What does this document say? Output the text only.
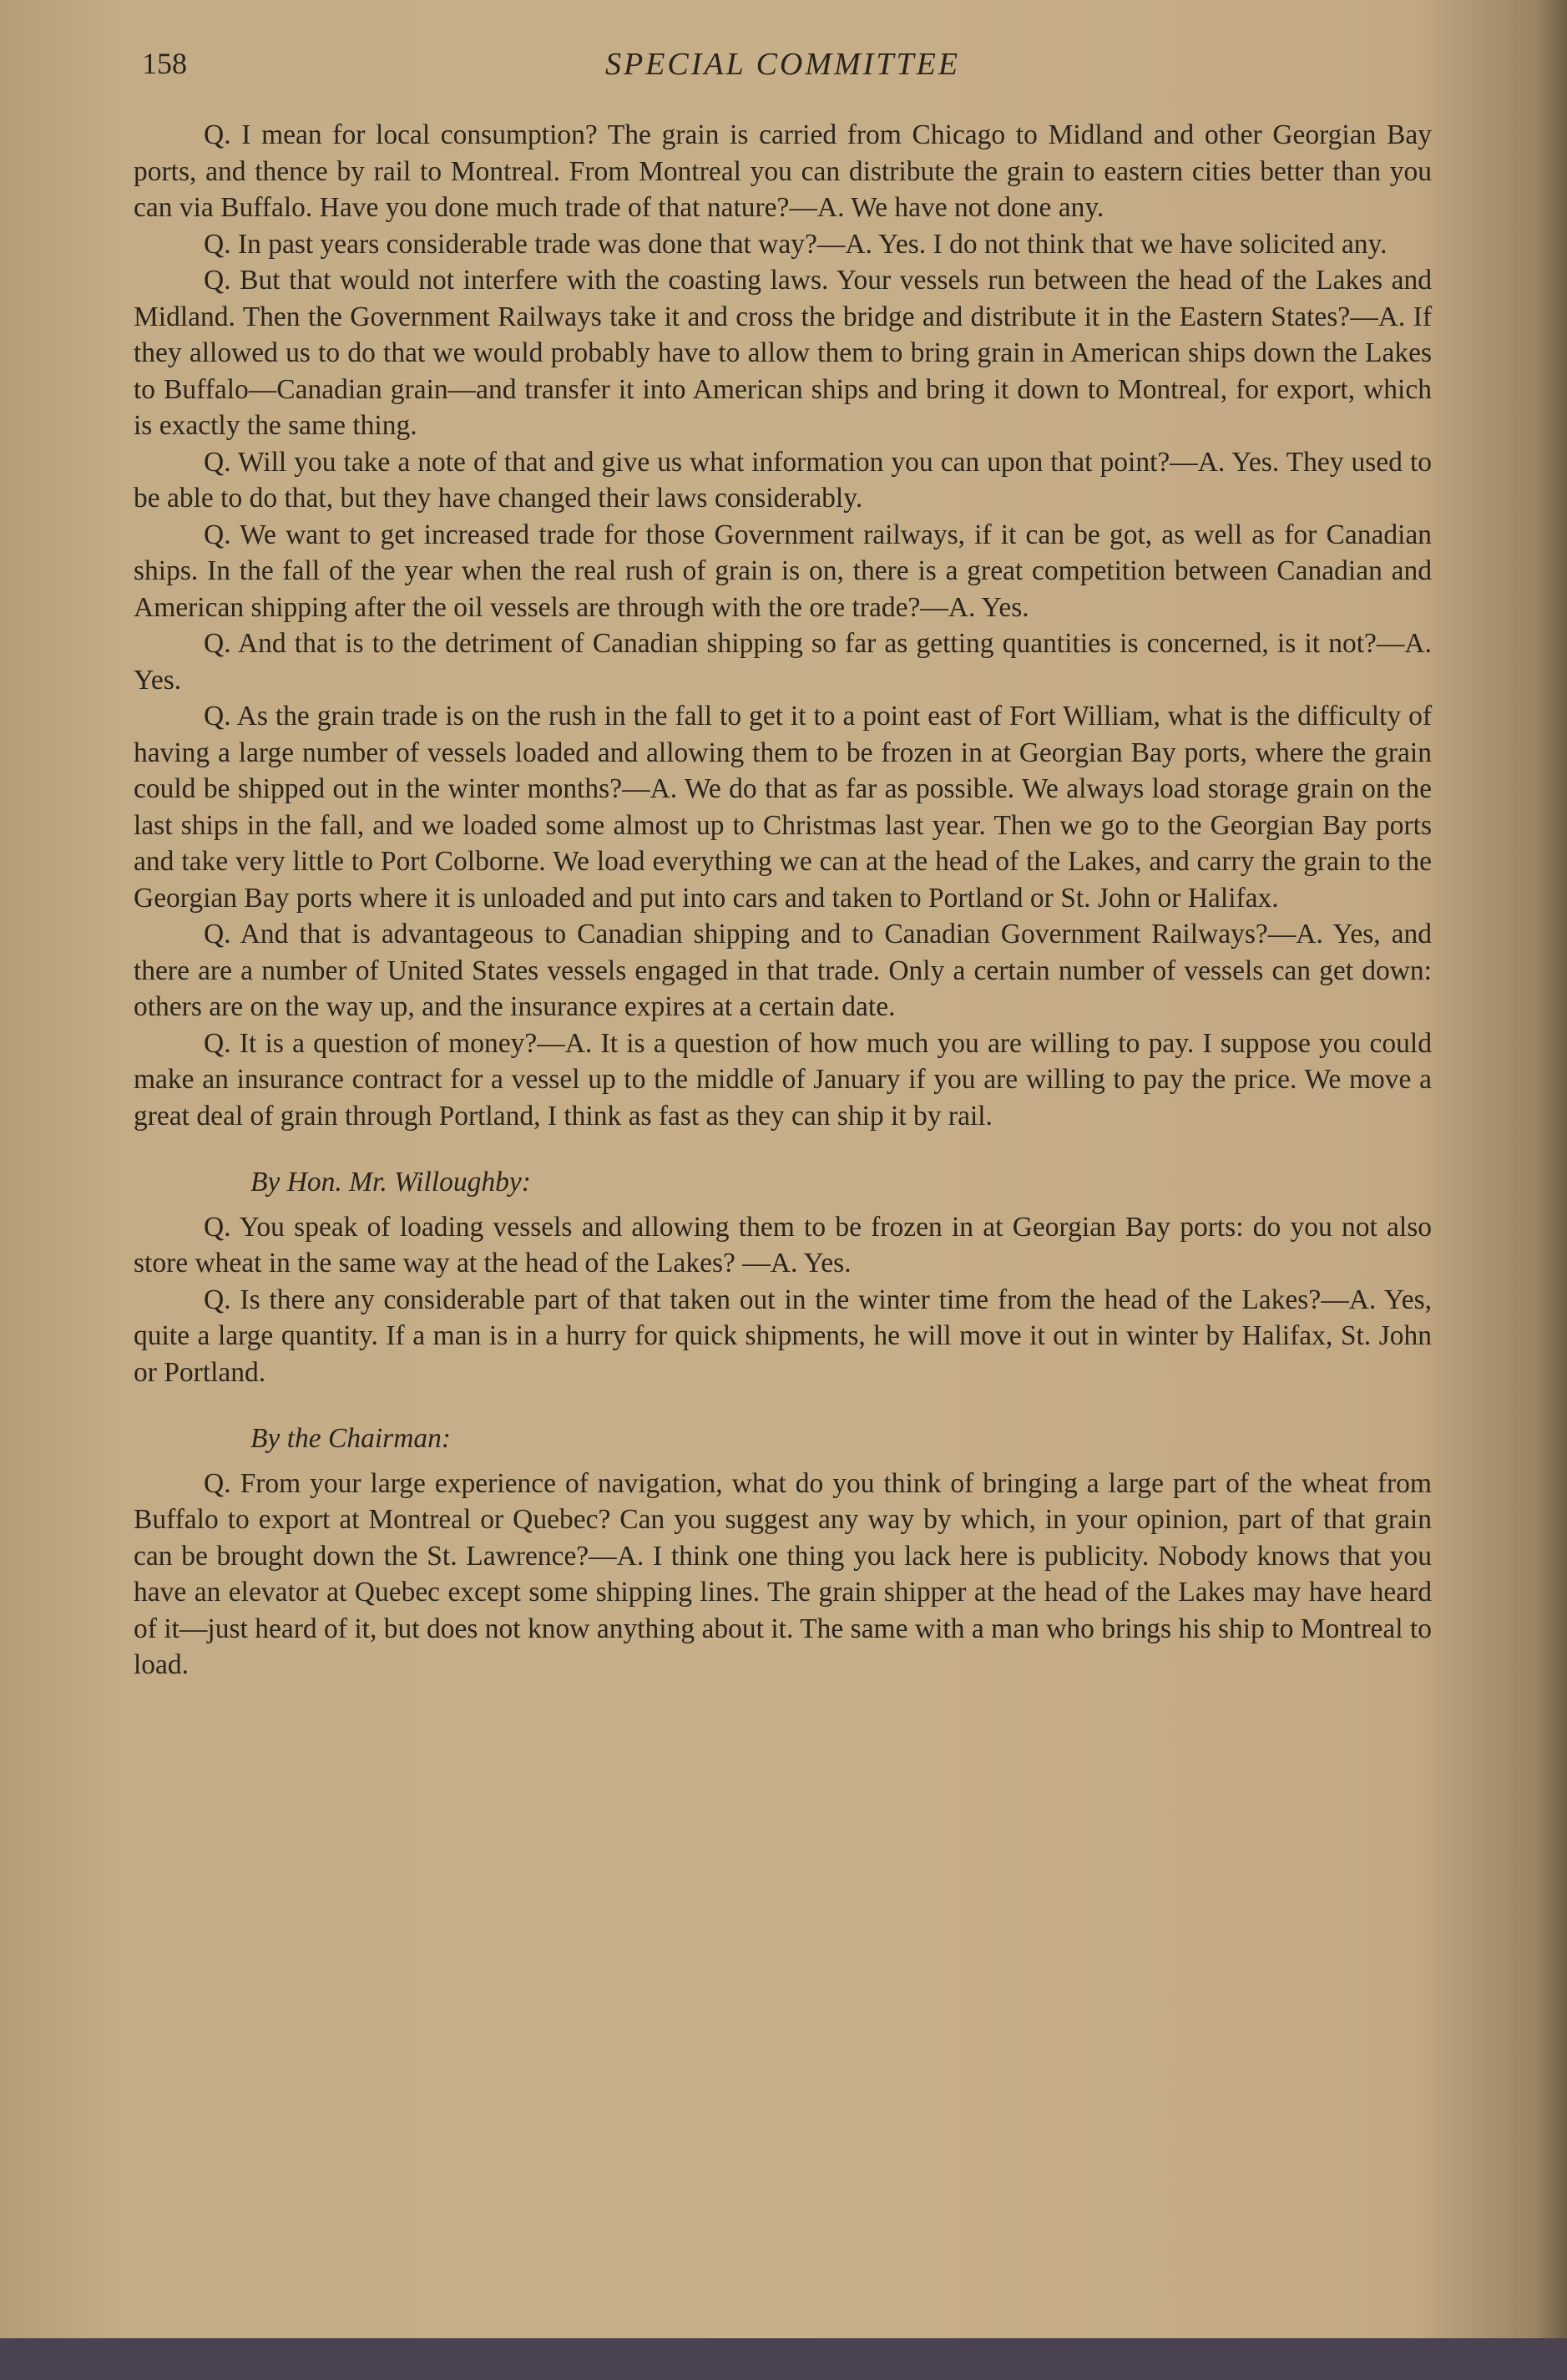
158	SPECIAL COMMITTEE

Q. I mean for local consumption? The grain is carried from Chicago to Midland and other Georgian Bay ports, and thence by rail to Montreal. From Montreal you can distribute the grain to eastern cities better than you can via Buffalo. Have you done much trade of that nature?—A. We have not done any.

Q. In past years considerable trade was done that way?—A. Yes. I do not think that we have solicited any.

Q. But that would not interfere with the coasting laws. Your vessels run between the head of the Lakes and Midland. Then the Government Railways take it and cross the bridge and distribute it in the Eastern States?—A. If they allowed us to do that we would probably have to allow them to bring grain in American ships down the Lakes to Buffalo—Canadian grain—and transfer it into American ships and bring it down to Montreal, for export, which is exactly the same thing.

Q. Will you take a note of that and give us what information you can upon that point?—A. Yes. They used to be able to do that, but they have changed their laws considerably.

Q. We want to get increased trade for those Government railways, if it can be got, as well as for Canadian ships. In the fall of the year when the real rush of grain is on, there is a great competition between Canadian and American shipping after the oil vessels are through with the ore trade?—A. Yes.

Q. And that is to the detriment of Canadian shipping so far as getting quantities is concerned, is it not?—A. Yes.

Q. As the grain trade is on the rush in the fall to get it to a point east of Fort William, what is the difficulty of having a large number of vessels loaded and allowing them to be frozen in at Georgian Bay ports, where the grain could be shipped out in the winter months?—A. We do that as far as possible. We always load storage grain on the last ships in the fall, and we loaded some almost up to Christmas last year. Then we go to the Georgian Bay ports and take very little to Port Colborne. We load everything we can at the head of the Lakes, and carry the grain to the Georgian Bay ports where it is unloaded and put into cars and taken to Portland or St. John or Halifax.

Q. And that is advantageous to Canadian shipping and to Canadian Government Railways?—A. Yes, and there are a number of United States vessels engaged in that trade. Only a certain number of vessels can get down: others are on the way up, and the insurance expires at a certain date.

Q. It is a question of money?—A. It is a question of how much you are willing to pay. I suppose you could make an insurance contract for a vessel up to the middle of January if you are willing to pay the price. We move a great deal of grain through Portland, I think as fast as they can ship it by rail.

By Hon. Mr. Willoughby:

Q. You speak of loading vessels and allowing them to be frozen in at Georgian Bay ports: do you not also store wheat in the same way at the head of the Lakes? —A. Yes.

Q. Is there any considerable part of that taken out in the winter time from the head of the Lakes?—A. Yes, quite a large quantity. If a man is in a hurry for quick shipments, he will move it out in winter by Halifax, St. John or Portland.

By the Chairman:

Q. From your large experience of navigation, what do you think of bringing a large part of the wheat from Buffalo to export at Montreal or Quebec? Can you suggest any way by which, in your opinion, part of that grain can be brought down the St. Lawrence?—A. I think one thing you lack here is publicity. Nobody knows that you have an elevator at Quebec except some shipping lines. The grain shipper at the head of the Lakes may have heard of it—just heard of it, but does not know anything about it. The same with a man who brings his ship to Montreal to load.
